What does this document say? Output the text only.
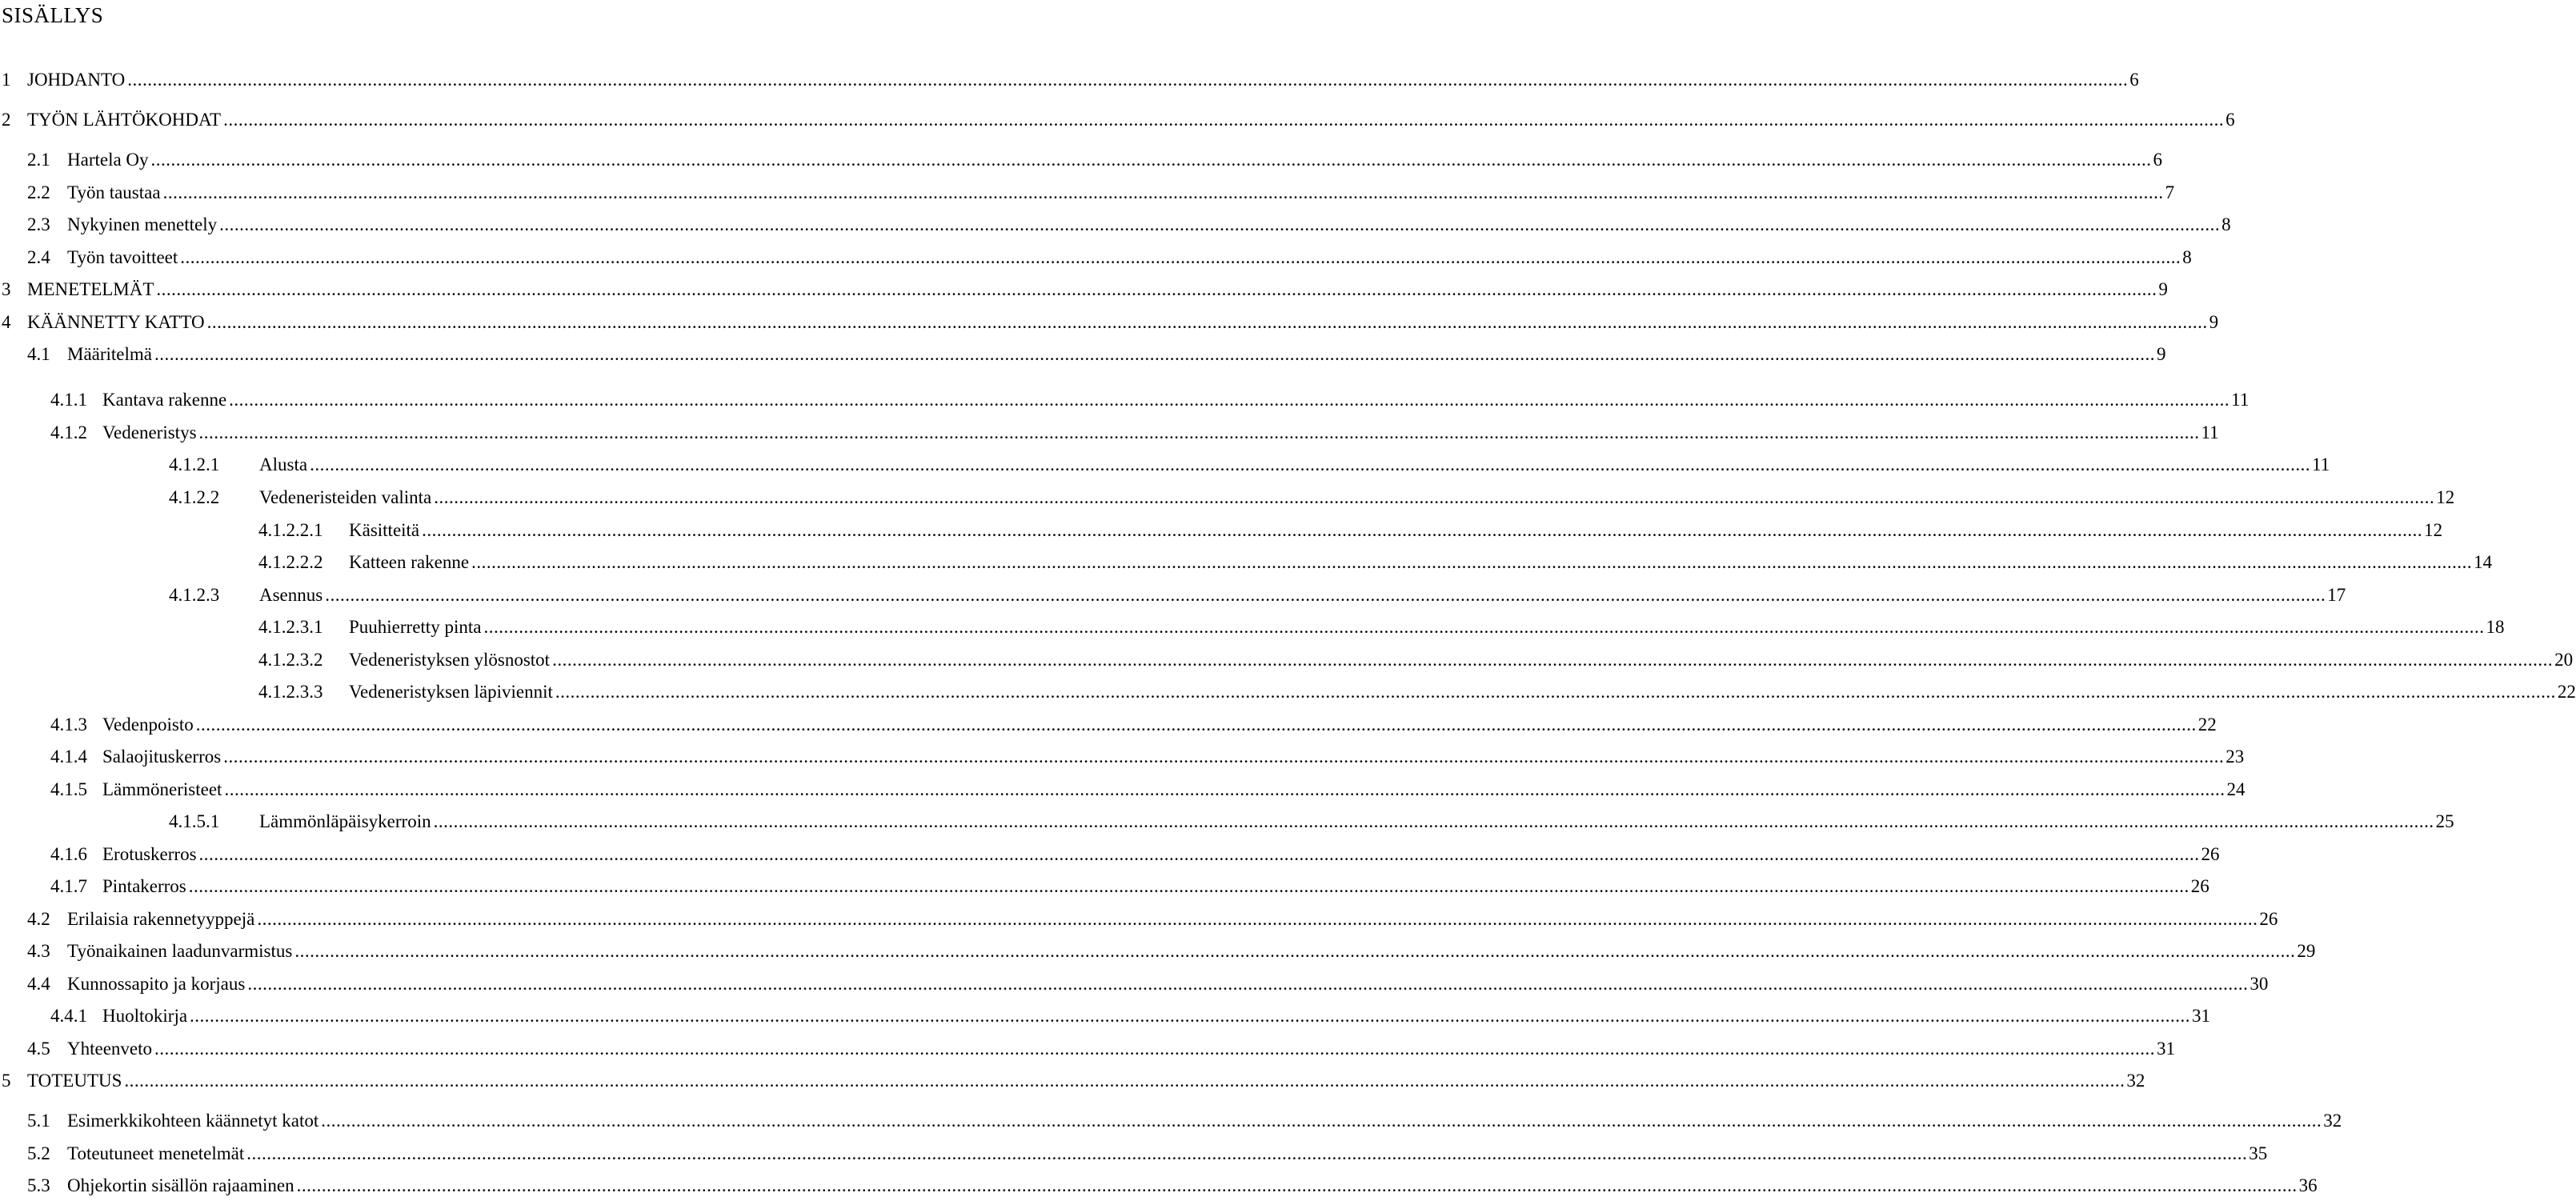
SISÄLLYS
1 JOHDANTO ................................................................................................................................................................................................................................................................................................................................................................................................................ 6
2 TYÖN LÄHTÖKOHDAT ................................................................................................................................................................................................................................................................................................................................................................................................................ 6
2.1 Hartela Oy ................................................................................................................................................................................................................................................................................................................................................................................................................ 6
2.2 Työn taustaa ................................................................................................................................................................................................................................................................................................................................................................................................................ 7
2.3 Nykyinen menettely ................................................................................................................................................................................................................................................................................................................................................................................................................ 8
2.4 Työn tavoitteet ................................................................................................................................................................................................................................................................................................................................................................................................................ 8
3 MENETELMÄT ................................................................................................................................................................................................................................................................................................................................................................................................................ 9
4 KÄÄNNETTY KATTO ................................................................................................................................................................................................................................................................................................................................................................................................................ 9
4.1 Määritelmä ................................................................................................................................................................................................................................................................................................................................................................................................................ 9
4.1.1 Kantava rakenne ................................................................................................................................................................................................................................................................................................................................................................................................................ 11
4.1.2 Vedeneristys ................................................................................................................................................................................................................................................................................................................................................................................................................ 11
4.1.2.1	Alusta ................................................................................................................................................................................................................................................................................................................................................................................................................ 11
4.1.2.2	Vedeneristeiden valinta ................................................................................................................................................................................................................................................................................................................................................................................................................ 12
4.1.2.2.1	Käsitteitä ................................................................................................................................................................................................................................................................................................................................................................................................................ 12
4.1.2.2.2	Katteen rakenne ................................................................................................................................................................................................................................................................................................................................................................................................................ 14
4.1.2.3	Asennus ................................................................................................................................................................................................................................................................................................................................................................................................................ 17
4.1.2.3.1	Puuhierretty pinta ................................................................................................................................................................................................................................................................................................................................................................................................................ 18
4.1.2.3.2	Vedeneristyksen ylösnostot ................................................................................................................................................................................................................................................................................................................................................................................................................ 20
4.1.2.3.3	Vedeneristyksen läpiviennit ................................................................................................................................................................................................................................................................................................................................................................................................................ 22
4.1.3 Vedenpoisto ................................................................................................................................................................................................................................................................................................................................................................................................................ 22
4.1.4 Salaojituskerros ................................................................................................................................................................................................................................................................................................................................................................................................................ 23
4.1.5 Lämmöneristeet ................................................................................................................................................................................................................................................................................................................................................................................................................ 24
4.1.5.1	Lämmönläpäisykerroin ................................................................................................................................................................................................................................................................................................................................................................................................................ 25
4.1.6 Erotuskerros ................................................................................................................................................................................................................................................................................................................................................................................................................ 26
4.1.7 Pintakerros ................................................................................................................................................................................................................................................................................................................................................................................................................ 26
4.2 Erilaisia rakennetyyppejä ................................................................................................................................................................................................................................................................................................................................................................................................................ 26
4.3 Työnaikainen laadunvarmistus ................................................................................................................................................................................................................................................................................................................................................................................................................ 29
4.4 Kunnossapito ja korjaus ................................................................................................................................................................................................................................................................................................................................................................................................................ 30
4.4.1 Huoltokirja ................................................................................................................................................................................................................................................................................................................................................................................................................ 31
4.5 Yhteenveto ................................................................................................................................................................................................................................................................................................................................................................................................................ 31
5 TOTEUTUS ................................................................................................................................................................................................................................................................................................................................................................................................................ 32
5.1 Esimerkkikohteen käännetyt katot ................................................................................................................................................................................................................................................................................................................................................................................................................ 32
5.2 Toteutuneet menetelmät ................................................................................................................................................................................................................................................................................................................................................................................................................ 35
5.3 Ohjekortin sisällön rajaaminen ................................................................................................................................................................................................................................................................................................................................................................................................................ 36
